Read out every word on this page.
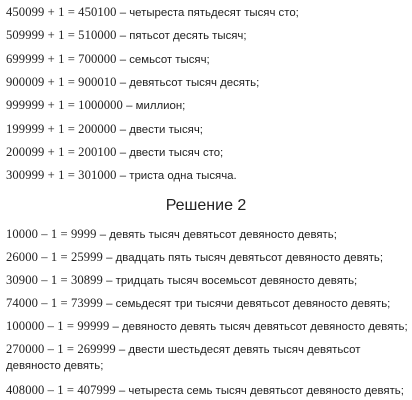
450099 + 1 = 450100 – четыреста пятьдесят тысяч сто;
509999 + 1 = 510000 – пятьсот десять тысяч;
699999 + 1 = 700000 – семьсот тысяч;
900009 + 1 = 900010 – девятьсот тысяч десять;
999999 + 1 = 1000000 – миллион;
199999 + 1 = 200000 – двести тысяч;
200099 + 1 = 200100 – двести тысяч сто;
300999 + 1 = 301000 – триста одна тысяча.
Решение 2
10000 – 1 = 9999 – девять тысяч девятьсот девяносто девять;
26000 – 1 = 25999 – двадцать пять тысяч девятьсот девяносто девять;
30900 – 1 = 30899 – тридцать тысяч восемьсот девяносто девять;
74000 – 1 = 73999 – семьдесят три тысячи девятьсот девяносто девять;
100000 – 1 = 99999 – девяносто девять тысяч девятьсот девяносто девять;
270000 – 1 = 269999 – двести шестьдесят девять тысяч девятьсот
девяносто девять;
408000 – 1 = 407999 – четыреста семь тысяч девятьсот девяносто девять;
